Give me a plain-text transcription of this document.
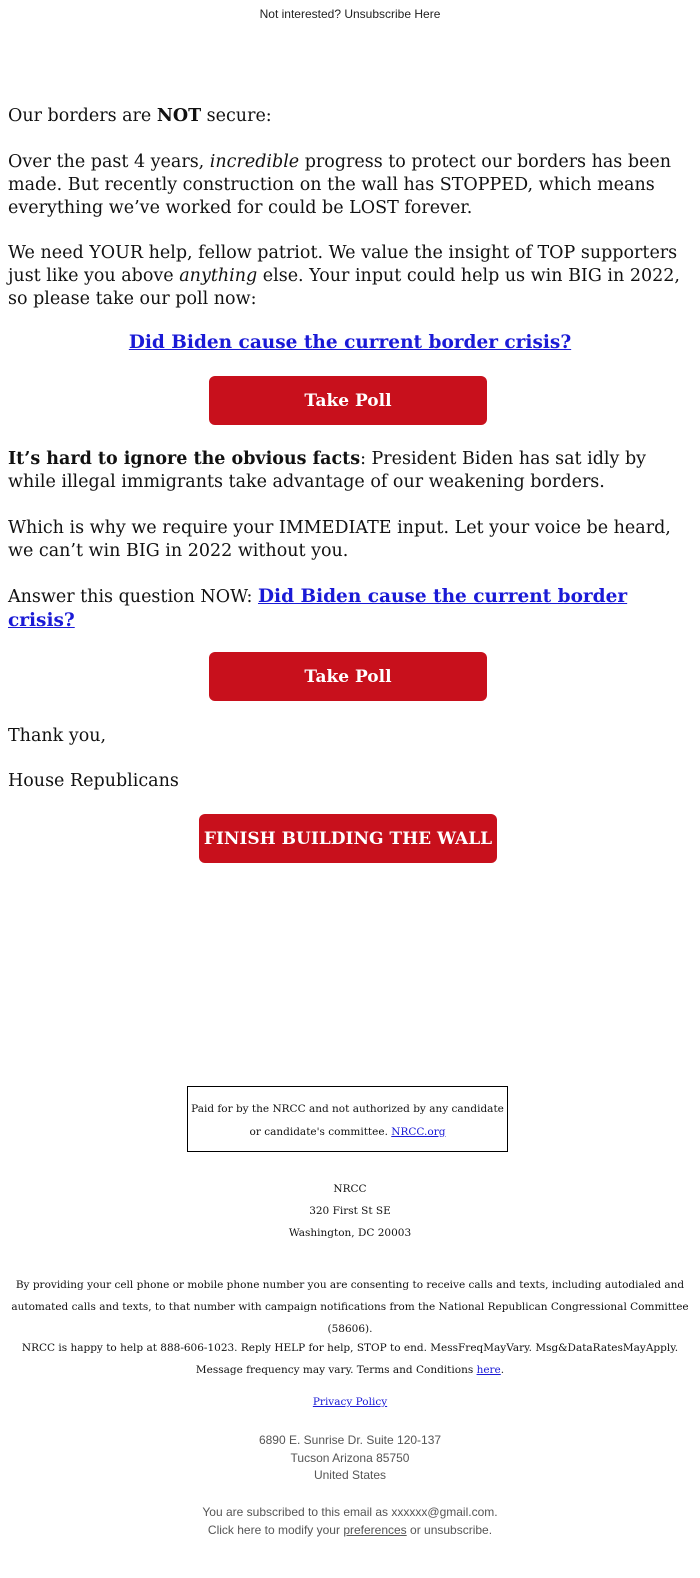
Not interested? Unsubscribe Here

Our borders are NOT secure:

Over the past 4 years, incredible progress to protect our borders has been made. But recently construction on the wall has STOPPED, which means everything we’ve worked for could be LOST forever.

We need YOUR help, fellow patriot. We value the insight of TOP supporters just like you above anything else. Your input could help us win BIG in 2022, so please take our poll now:

Did Biden cause the current border crisis?
Take Poll

It’s hard to ignore the obvious facts: President Biden has sat idly by while illegal immigrants take advantage of our weakening borders.

Which is why we require your IMMEDIATE input. Let your voice be heard, we can’t win BIG in 2022 without you.

Answer this question NOW: Did Biden cause the current border crisis?

Take Poll

Thank you,

House Republicans

FINISH BUILDING THE WALL
Paid for by the NRCC and not authorized by any candidate or candidate's committee. NRCC.org
NRCC
320 First St SE
Washington, DC 20003
By providing your cell phone or mobile phone number you are consenting to receive calls and texts, including autodialed and automated calls and texts, to that number with campaign notifications from the National Republican Congressional Committee (58606).
NRCC is happy to help at 888-606-1023. Reply HELP for help, STOP to end. MessFreqMayVary. Msg&DataRatesMayApply. Message frequency may vary. Terms and Conditions here.
Privacy Policy
6890 E. Sunrise Dr. Suite 120-137
Tucson Arizona 85750
United States
You are subscribed to this email as xxxxxx@gmail.com.
Click here to modify your preferences or unsubscribe.
